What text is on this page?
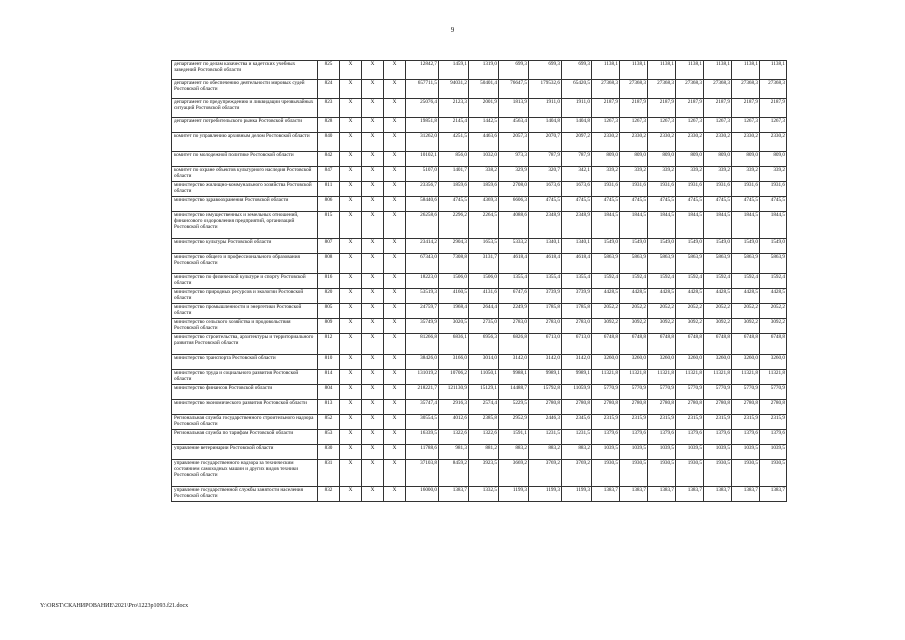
9
департамент по делам казачества и кадетских учебных заведений Ростовской области	825	X	X	X	12842,7	1459,1	1319,0	699,3	699,3	699,3	1138,1	1138,1	1138,1	1138,1	1138,1	1138,1	1138,1
департамент по обеспечению деятельности мировых судей Ростовской области	824	X	X	X	657711,5	94031,2	50401,4	76647,5	179532,6	65420,5	27368,3	27368,3	27368,3	27368,3	27368,3	27368,3	27368,3
департамент по предупреждению и ликвидации чрезвычайных ситуаций Ростовской области	823	X	X	X	25076,4	2123,3	2001,9	1813,9	1911,0	1911,0	2187,9	2187,9	2187,9	2187,9	2187,9	2187,9	2187,9
департамент потребительского рынка Ростовской области	828	X	X	X	19851,8	2145,4	1442,5	4563,4	1404,8	1404,8	1267,3	1267,3	1267,3	1267,3	1267,3	1267,3	1267,3
комитет по управлению архивным делом Ростовской области	840	X	X	X	31262,0	4251,5	4463,6	2057,3	2070,7	2097,2	2330,2	2330,2	2330,2	2330,2	2330,2	2330,2	2330,2
комитет по молодежной политике Ростовской области	842	X	X	X	10102,1	856,0	1032,0	973,3	787,9	787,9	809,0	809,0	809,0	809,0	809,0	809,0	809,0
комитет по охране объектов культурного наследия Ростовской области	847	X	X	X	5107,0	1401,7	338,2	329,9	320,7	342,1	339,2	339,2	339,2	339,2	339,2	339,2	339,2
министерство жилищно-коммунального хозяйства Ростовской области	811	X	X	X	23356,7	1859,6	1859,6	2708,0	1673,6	1673,6	1931,6	1931,6	1931,6	1931,6	1931,6	1931,6	1931,6
министерство здравоохранения Ростовской области	806	X	X	X	58440,6	4745,5	4369,3	6606,3	4745,5	4745,5	4745,5	4745,5	4745,5	4745,5	4745,5	4745,5	4745,5
министерство имущественных и земельных отношений, финансового оздоровления предприятий, организаций Ростовской области	815	X	X	X	26258,6	2296,2	2264,5	4088,6	2348,9	2348,9	1844,5	1844,5	1844,5	1844,5	1844,5	1844,5	1844,5
министерство культуры Ростовской области	807	X	X	X	23414,2	2904,3	1653,5	5333,2	1340,1	1340,1	1549,0	1549,0	1549,0	1549,0	1549,0	1549,0	1549,0
министерство общего и профессионального образования Ростовской области	808	X	X	X	67343,0	7308,8	3131,7	4618,4	4618,4	4618,4	5863,9	5863,9	5863,9	5863,9	5863,9	5863,9	5863,9
министерство по физической культуре и спорту Ростовской области	816	X	X	X	18223,0	1506,0	1506,0	1355,4	1355,4	1355,4	1592,4	1592,4	1592,4	1592,4	1592,4	1592,4	1592,4
министерство природных ресурсов и экологии Ростовской области	820	X	X	X	53519,3	4160,5	4131,6	6747,6	3739,9	3739,9	4428,5	4428,5	4428,5	4428,5	4428,5	4428,5	4428,5
министерство промышленности и энергетики Ростовской области	805	X	X	X	24759,7	1968,4	2644,4	2249,9	1785,8	1785,8	2052,2	2052,2	2052,2	2052,2	2052,2	2052,2	2052,2
министерство сельского хозяйства и продовольствия Ростовской области	809	X	X	X	35749,9	3020,5	2735,0	2783,0	2783,0	2783,0	3092,2	3092,2	3092,2	3092,2	3092,2	3092,2	3092,2
министерство строительства, архитектуры и территориального развития Ростовской области	812	X	X	X	81266,8	6836,1	6956,3	6826,8	6713,0	6713,0	6748,8	6748,8	6748,8	6748,8	6748,8	6748,8	6748,8
министерство транспорта Ростовской области	810	X	X	X	38426,0	3166,0	3014,0	3142,0	3142,0	3142,0	3260,0	3260,0	3260,0	3260,0	3260,0	3260,0	3260,0
министерство труда и социального развития Ростовской области	814	X	X	X	131019,2	10706,2	11050,1	9988,1	9989,1	9989,1	11321,8	11321,8	11321,8	11321,8	11321,8	11321,8	11321,8
министерство финансов Ростовской области	804	X	X	X	218221,7	121130,9	15129,1	14488,7	15792,8	11059,9	5770,9	5770,9	5770,9	5770,9	5770,9	5770,9	5770,9
министерство экономического развития Ростовской области	813	X	X	X	35747,4	2916,3	2574,4	5229,5	2780,8	2780,8	2780,8	2780,8	2780,8	2780,8	2780,8	2780,8	2780,8
Региональная служба государственного строительного надзора Ростовской области	852	X	X	X	30554,5	4012,6	2385,8	2952,9	2446,3	2345,6	2315,9	2315,9	2315,9	2315,9	2315,9	2315,9	2315,9
Региональная служба по тарифам Ростовской области	853	X	X	X	16339,5	1322,6	1322,6	1591,1	1231,5	1231,5	1379,6	1379,6	1379,6	1379,6	1379,6	1379,6	1379,6
управление ветеринарии Ростовской области	830	X	X	X	11788,6	981,3	881,2	883,2	883,2	883,2	1039,5	1039,5	1039,5	1039,5	1039,5	1039,5	1039,5
управление государственного надзора за техническим состоянием самоходных машин и других видов техники Ростовской области	831	X	X	X	37103,8	8459,2	3923,5	3669,2	3769,2	3769,2	1930,5	1930,5	1930,5	1930,5	1930,5	1930,5	1930,5
управление государственной службы занятости населения Ростовской области	832	X	X	X	16000,0	1383,7	1332,5	1199,3	1199,3	1199,3	1383,7	1383,7	1383,7	1383,7	1383,7	1383,7	1383,7
Y:\ORST\СКАНИРОВАНИЕ\2021\Pro\1223p1093.f21.docx
